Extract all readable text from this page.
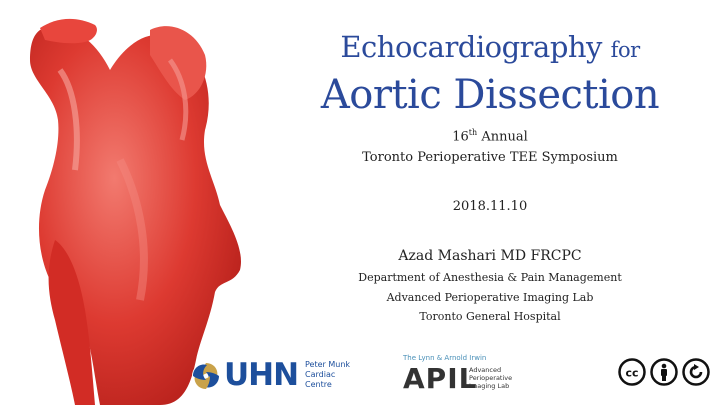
Echocardiography for
Aortic Dissection
16th Annual
Toronto Perioperative TEE Symposium
2018.11.10
Azad Mashari MD FRCPC
Department of Anesthesia & Pain Management
Advanced Perioperative Imaging Lab
Toronto General Hospital
UHN Peter Munk
Cardiac
Centre
The Lynn & Arnold Irwin
APIL
Advanced
Perioperative
Imaging Lab
cc
